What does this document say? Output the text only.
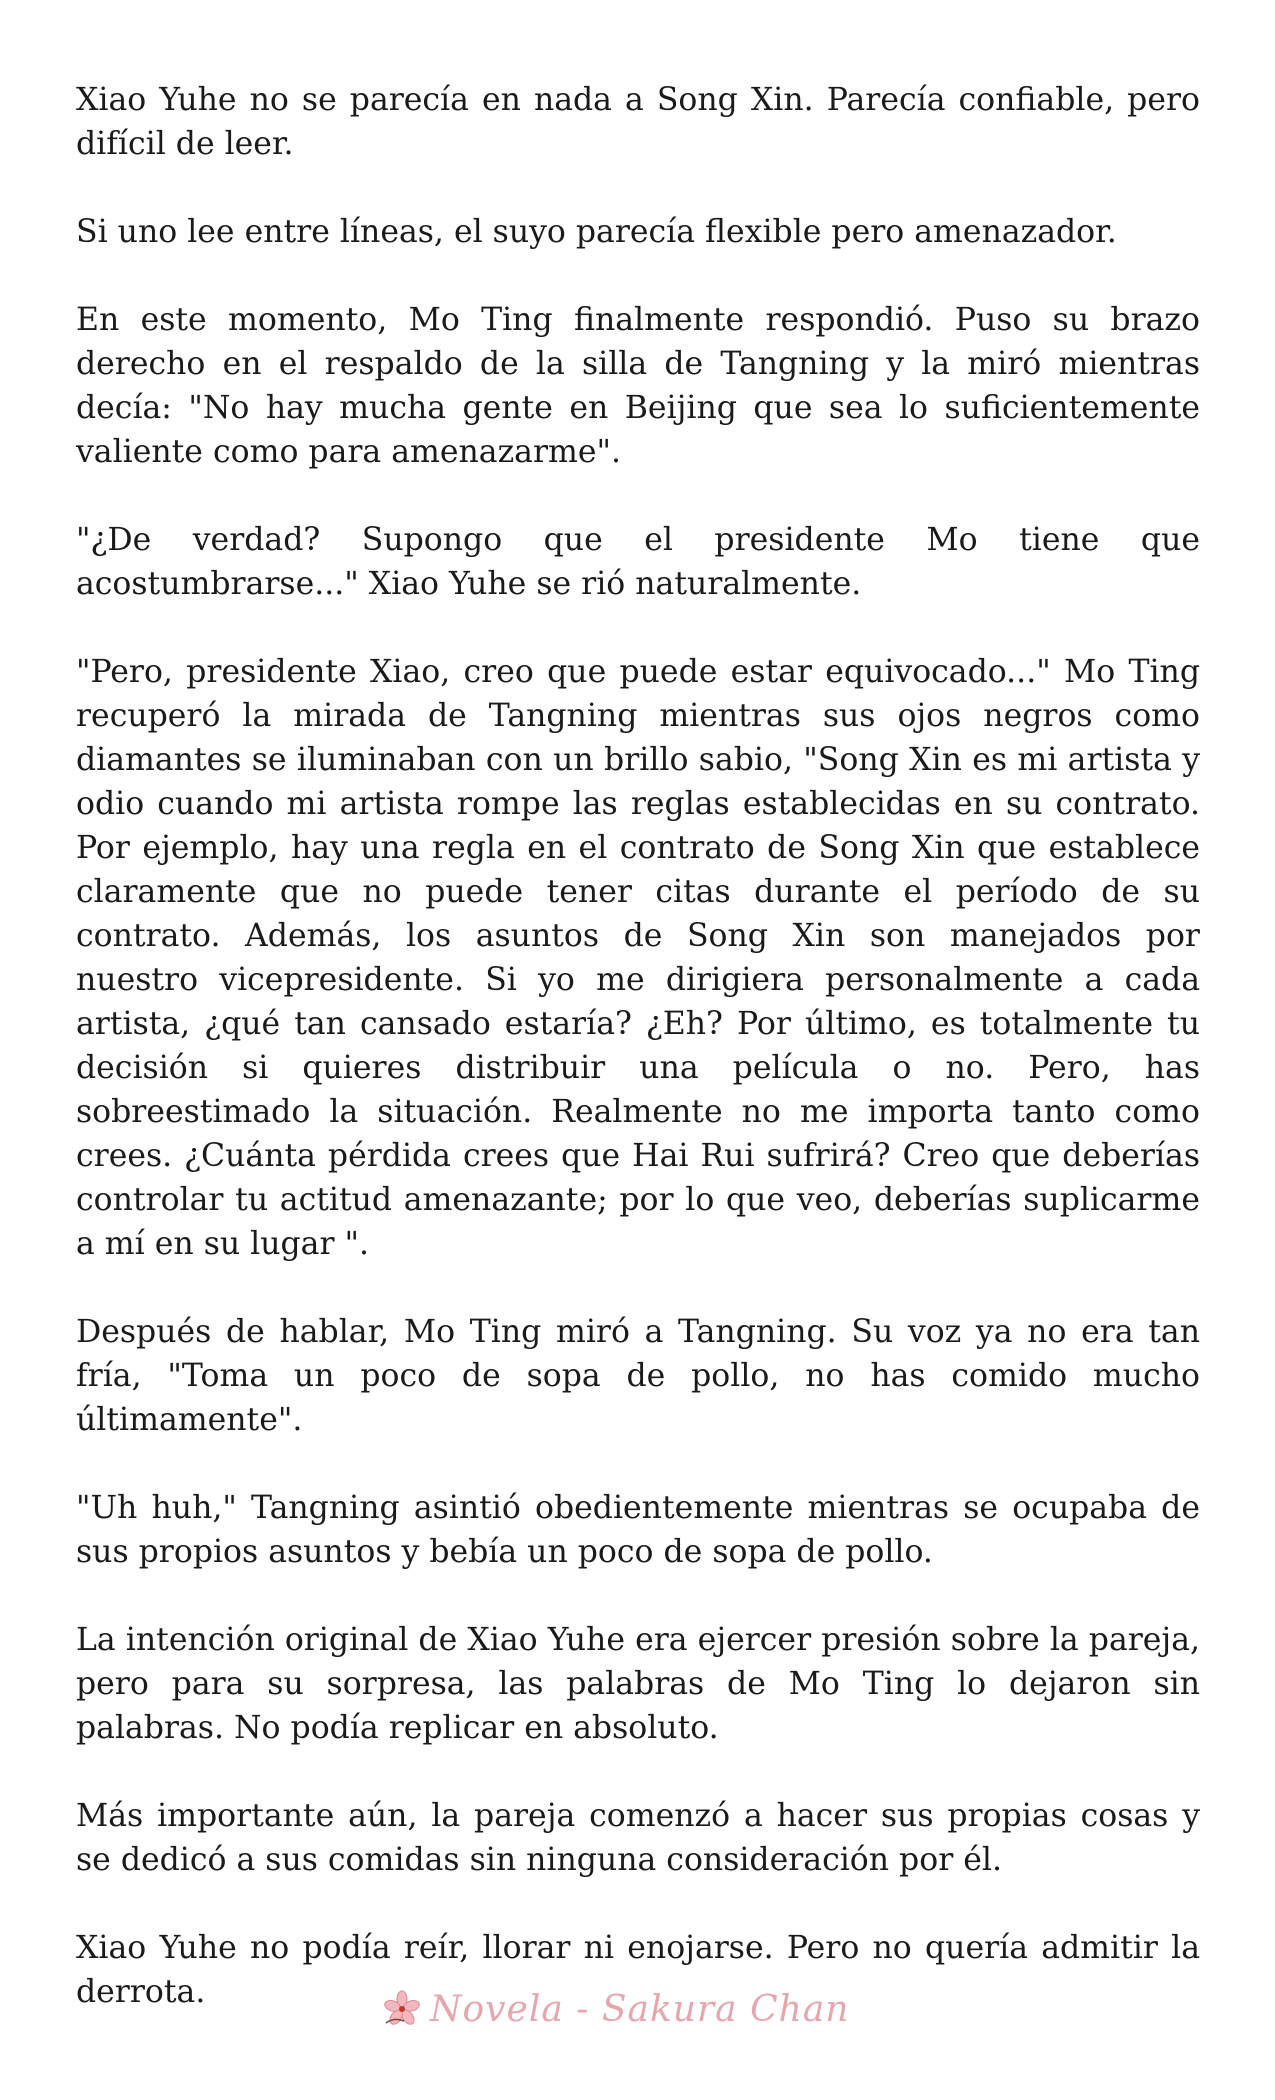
Xiao Yuhe no se parecía en nada a Song Xin. Parecía confiable, pero difícil de leer.

Si uno lee entre líneas, el suyo parecía flexible pero amenazador.

En este momento, Mo Ting finalmente respondió. Puso su brazo derecho en el respaldo de la silla de Tangning y la miró mientras decía: "No hay mucha gente en Beijing que sea lo suficientemente valiente como para amenazarme".

"¿De verdad? Supongo que el presidente Mo tiene que acostumbrarse..." Xiao Yuhe se rió naturalmente.

"Pero, presidente Xiao, creo que puede estar equivocado..." Mo Ting recuperó la mirada de Tangning mientras sus ojos negros como diamantes se iluminaban con un brillo sabio, "Song Xin es mi artista y odio cuando mi artista rompe las reglas establecidas en su contrato. Por ejemplo, hay una regla en el contrato de Song Xin que establece claramente que no puede tener citas durante el período de su contrato. Además, los asuntos de Song Xin son manejados por nuestro vicepresidente. Si yo me dirigiera personalmente a cada artista, ¿qué tan cansado estaría? ¿Eh? Por último, es totalmente tu decisión si quieres distribuir una película o no. Pero, has sobreestimado la situación. Realmente no me importa tanto como crees. ¿Cuánta pérdida crees que Hai Rui sufrirá? Creo que deberías controlar tu actitud amenazante; por lo que veo, deberías suplicarme a mí en su lugar ".

Después de hablar, Mo Ting miró a Tangning. Su voz ya no era tan fría, "Toma un poco de sopa de pollo, no has comido mucho últimamente".

"Uh huh," Tangning asintió obedientemente mientras se ocupaba de sus propios asuntos y bebía un poco de sopa de pollo.

La intención original de Xiao Yuhe era ejercer presión sobre la pareja, pero para su sorpresa, las palabras de Mo Ting lo dejaron sin palabras. No podía replicar en absoluto.

Más importante aún, la pareja comenzó a hacer sus propias cosas y se dedicó a sus comidas sin ninguna consideración por él.

Xiao Yuhe no podía reír, llorar ni enojarse. Pero no quería admitir la derrota.	Novela - Sakura Chan
